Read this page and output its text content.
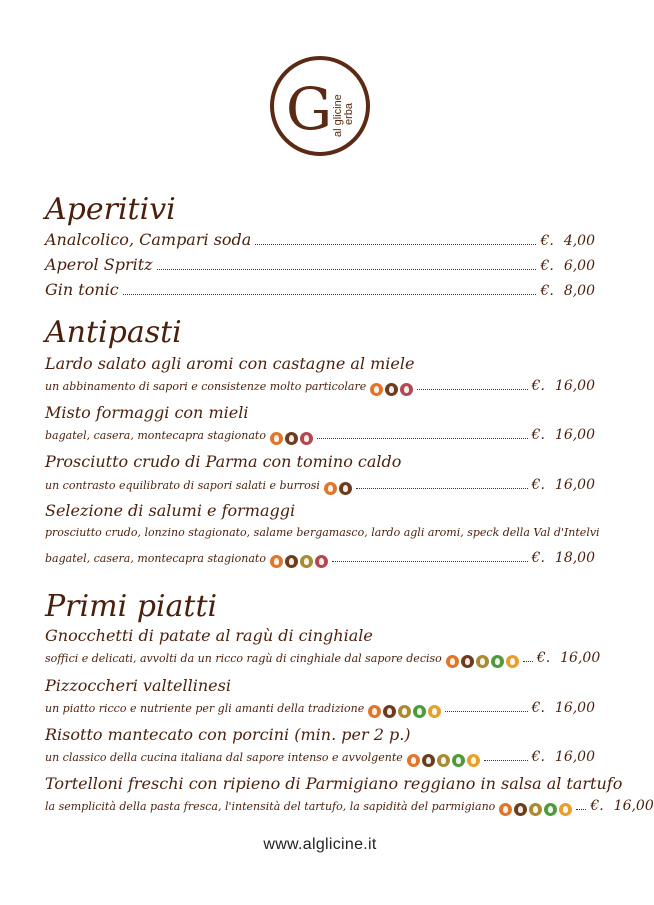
G al glicine erba
Aperitivi
Analcolico, Campari soda	€. 4,00
Aperol Spritz	€. 6,00
Gin tonic	€. 8,00
Antipasti
Lardo salato agli aromi con castagne al miele
un abbinamento di sapori e consistenze molto particolare	€. 16,00
Misto formaggi con mieli
bagatel, casera, montecapra stagionato	€. 16,00
Prosciutto crudo di Parma con tomino caldo
un contrasto equilibrato di sapori salati e burrosi	€. 16,00
Selezione di salumi e formaggi
prosciutto crudo, lonzino stagionato, salame bergamasco, lardo agli aromi, speck della Val d'Intelvi
bagatel, casera, montecapra stagionato	€. 18,00
Primi piatti
Gnocchetti di patate al ragù di cinghiale
soffici e delicati, avvolti da un ricco ragù di cinghiale dal sapore deciso	€. 16,00
Pizzoccheri valtellinesi
un piatto ricco e nutriente per gli amanti della tradizione	€. 16,00
Risotto mantecato con porcini (min. per 2 p.)
un classico della cucina italiana dal sapore intenso e avvolgente	€. 16,00
Tortelloni freschi con ripieno di Parmigiano reggiano in salsa al tartufo
la semplicità della pasta fresca, l'intensità del tartufo, la sapidità del parmigiano	€. 16,00
www.alglicine.it
